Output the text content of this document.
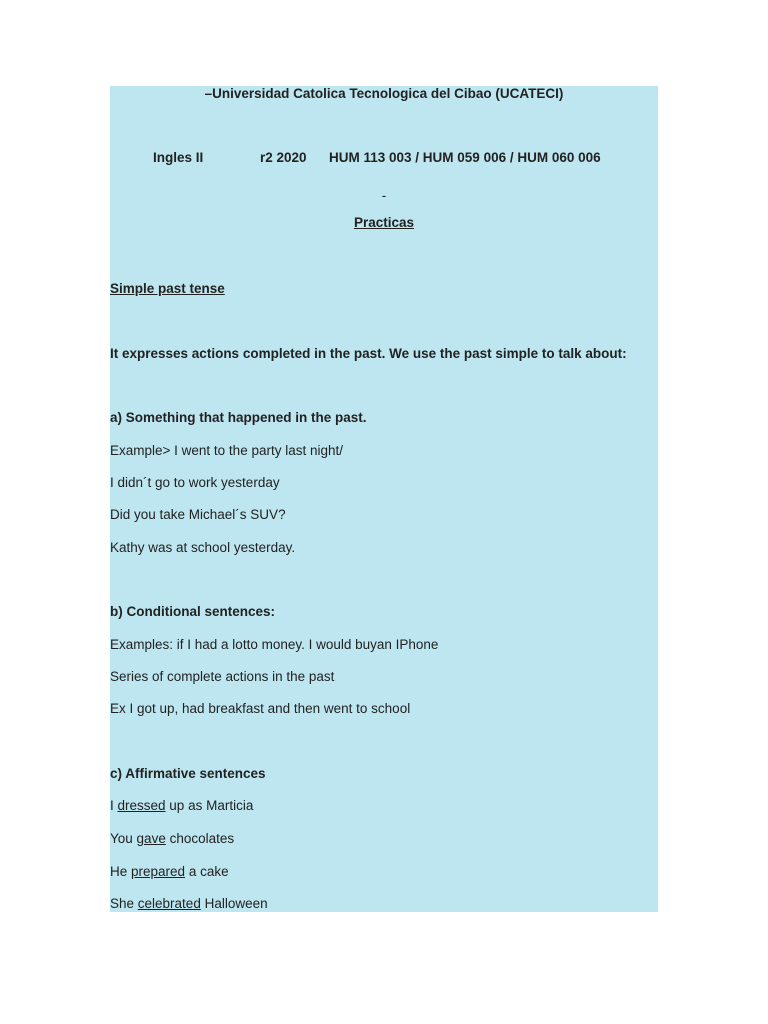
–Universidad Catolica Tecnologica del Cibao (UCATECI)
Ingles II	r2 2020 HUM 113 003 / HUM 059 006 / HUM 060 006
-
Practicas
Simple past tense
It expresses actions completed in the past. We use the past simple to talk about:
a) Something that happened in the past.
Example> I went to the party last night/
I didn´t go to work yesterday
Did you take Michael´s SUV?
Kathy was at school yesterday.
b) Conditional sentences:
Examples: if I had a lotto money. I would buyan IPhone
Series of complete actions in the past
Ex I got up, had breakfast and then went to school
c) Affirmative sentences
I dressed up as Marticia
You gave chocolates
He prepared a cake
She celebrated Halloween
